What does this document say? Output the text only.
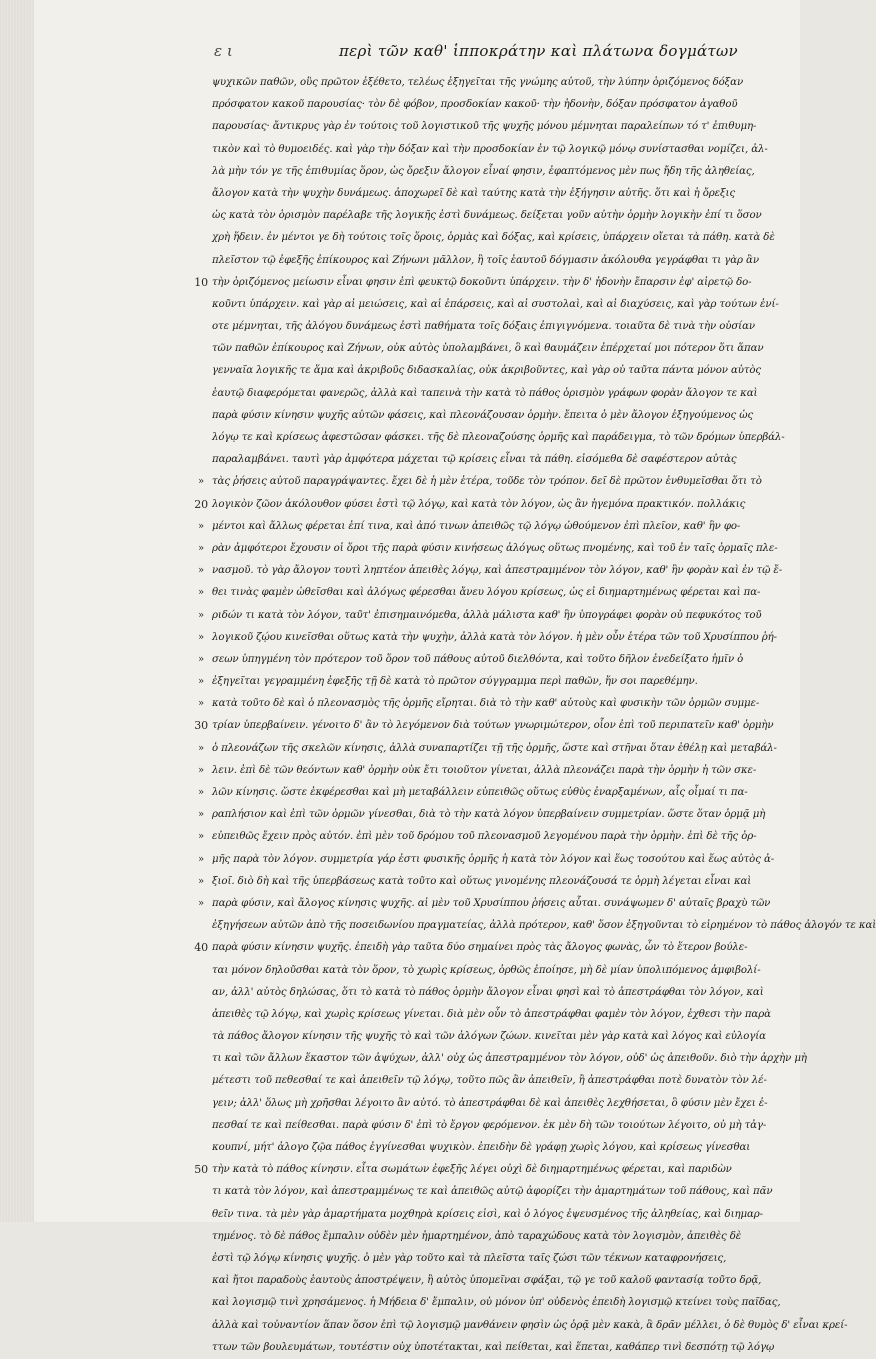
ε ι	περὶ τῶν καθ' ἱπποκράτην καὶ πλάτωνα δογμάτων
ψυχικῶν παθῶν, οὓς πρῶτον ἐξέθετο, τελέως ἐξηγεῖται τῆς γνώμης αὐτοῦ, τὴν λύπην ὁριζόμενος δόξαν
πρόσφατον κακοῦ παρουσίας· τὸν δὲ φόβον, προσδοκίαν κακοῦ· τὴν ἡδονὴν, δόξαν πρόσφατον ἀγαθοῦ
παρουσίας· ἄντικρυς γὰρ ἐν τούτοις τοῦ λογιστικοῦ τῆς ψυχῆς μόνου μέμνηται παραλείπων τό τ' ἐπιθυμη-
τικὸν καὶ τὸ θυμοειδές. καὶ γὰρ τὴν δόξαν καὶ τὴν προσδοκίαν ἐν τῷ λογικῷ μόνῳ συνίστασθαι νομίζει, ἀλ-
λὰ μὴν τόν γε τῆς ἐπιθυμίας ὅρον, ὡς ὄρεξιν ἄλογον εἶναί φησιν, ἐφαπτόμενος μὲν πως ἤδη τῆς ἀληθείας,
ἄλογον κατὰ τὴν ψυχὴν δυνάμεως. ἀποχωρεῖ δὲ καὶ ταύτης κατὰ τὴν ἐξήγησιν αὐτῆς. ὅτι καὶ ἡ ὄρεξις
ὡς κατὰ τὸν ὁρισμὸν παρέλαβε τῆς λογικῆς ἐστὶ δυνάμεως. δείξεται γοῦν αὐτὴν ὁρμὴν λογικὴν ἐπί τι ὅσον
χρὴ ἥδειν. ἐν μέντοι γε δὴ τούτοις τοῖς ὅροις, ὁρμὰς καὶ δόξας, καὶ κρίσεις, ὑπάρχειν οἴεται τὰ πάθη. κατὰ δὲ
πλεῖστον τῷ ἐφεξῆς ἐπίκουρος καὶ Ζήνωνι μᾶλλον, ἢ τοῖς ἑαυτοῦ δόγμασιν ἀκόλουθα γεγράφθαι τι γὰρ ἂν
10 τὴν ὁριζόμενος μείωσιν εἶναι φησιν ἐπὶ φευκτῷ δοκοῦντι ὑπάρχειν. τὴν δ' ἡδονὴν ἔπαρσιν ἐφ' αἱρετῷ δο-
κοῦντι ὑπάρχειν. καὶ γὰρ αἱ μειώσεις, καὶ αἱ ἐπάρσεις, καὶ αἱ συστολαὶ, καὶ αἱ διαχύσεις, καὶ γὰρ τούτων ἐνί-
οτε μέμνηται, τῆς ἀλόγου δυνάμεως ἐστὶ παθήματα τοῖς δόξαις ἐπιγιγνόμενα. τοιαῦτα δὲ τινὰ τὴν οὐσίαν
τῶν παθῶν ἐπίκουρος καὶ Ζήνων, οὐκ αὐτὸς ὑπολαμβάνει, ὃ καὶ θαυμάζειν ἐπέρχεταί μοι πότερον ὅτι ἅπαν
γενναῖα λογικῆς τε ἅμα καὶ ἀκριβοῦς διδασκαλίας, οὐκ ἀκριβοῦντες, καὶ γὰρ οὐ ταῦτα πάντα μόνον αὐτὸς
ἑαυτῷ διαφερόμεται φανερῶς, ἀλλὰ καὶ ταπεινὰ τὴν κατὰ τὸ πάθος ὁρισμὸν γράφων φορὰν ἄλογον τε καὶ
παρὰ φύσιν κίνησιν ψυχῆς αὐτῶν φάσεις, καὶ πλεονάζουσαν ὁρμὴν. ἔπειτα ὁ μὲν ἄλογον ἐξηγούμενος ὡς
λόγῳ τε καὶ κρίσεως ἀφεστῶσαν φάσκει. τῆς δὲ πλεοναζούσης ὁρμῆς καὶ παράδειγμα, τὸ τῶν δρόμων ὑπερβάλ-
παραλαμβάνει. ταυτὶ γὰρ ἀμφότερα μάχεται τῷ κρίσεις εἶναι τὰ πάθη. εἰσόμεθα δὲ σαφέστερον αὐτὰς
» τὰς ῥήσεις αὐτοῦ παραγράψαντες. ἔχει δὲ ἡ μὲν ἑτέρα, τοῦδε τὸν τρόπον. δεῖ δὲ πρῶτον ἐνθυμεῖσθαι ὅτι τὸ
20 λογικὸν ζῶον ἀκόλουθον φύσει ἐστὶ τῷ λόγῳ, καὶ κατὰ τὸν λόγον, ὡς ἂν ἡγεμόνα πρακτικόν. πολλάκις
» μέντοι καὶ ἄλλως φέρεται ἐπί τινα, καὶ ἀπό τινων ἀπειθῶς τῷ λόγῳ ὠθούμενον ἐπὶ πλεῖον, καθ' ἣν φο-
» ρὰν ἀμφότεροι ἔχουσιν οἱ ὅροι τῆς παρὰ φύσιν κινήσεως ἀλόγως οὕτως πνομένης, καὶ τοῦ ἐν ταῖς ὁρμαῖς πλε-
» νασμοῦ. τὸ γὰρ ἄλογον τουτὶ ληπτέον ἀπειθὲς λόγῳ, καὶ ἀπεστραμμένον τὸν λόγον, καθ' ἣν φορὰν καὶ ἐν τῷ ἔ-
» θει τινὰς φαμὲν ὠθεῖσθαι καὶ ἀλόγως φέρεσθαι ἄνευ λόγου κρίσεως, ὡς εἰ διημαρτημένως φέρεται καὶ πα-
» ριδών τι κατὰ τὸν λόγον, ταῦτ' ἐπισημαινόμεθα, ἀλλὰ μάλιστα καθ' ἣν ὑπογράφει φορὰν οὐ πεφυκότος τοῦ
» λογικοῦ ζῴου κινεῖσθαι οὕτως κατὰ τὴν ψυχὴν, ἀλλὰ κατὰ τὸν λόγον. ἡ μὲν οὖν ἑτέρα τῶν τοῦ Χρυσίππου ῥή-
» σεων ὑπηγμένη τὸν πρότερον τοῦ ὅρον τοῦ πάθους αὐτοῦ διελθόντα, καὶ τοῦτο δῆλον ἐνεδείξατο ἡμῖν ὁ
» ἐξηγεῖται γεγραμμένη ἐφεξῆς τῇ δὲ κατὰ τὸ πρῶτον σύγγραμμα περὶ παθῶν, ἥν σοι παρεθέμην.
» κατὰ τοῦτο δὲ καὶ ὁ πλεονασμὸς τῆς ὁρμῆς εἴρηται. διὰ τὸ τὴν καθ' αὐτοὺς καὶ φυσικὴν τῶν ὁρμῶν συμμε-
30 τρίαν ὑπερβαίνειν. γένοιτο δ' ἂν τὸ λεγόμενον διὰ τούτων γνωριμώτερον, οἷον ἐπὶ τοῦ περιπατεῖν καθ' ὁρμὴν
» ὁ πλεονάζων τῆς σκελῶν κίνησις, ἀλλὰ συναπαρτίζει τῇ τῆς ὁρμῆς, ὥστε καὶ στῆναι ὅταν ἐθέλῃ καὶ μεταβάλ-
» λειν. ἐπὶ δὲ τῶν θεόντων καθ' ὁρμὴν οὐκ ἔτι τοιοῦτον γίνεται, ἀλλὰ πλεονάζει παρὰ τὴν ὁρμὴν ἡ τῶν σκε-
» λῶν κίνησις. ὥστε ἐκφέρεσθαι καὶ μὴ μεταβάλλειν εὐπειθῶς οὕτως εὐθὺς ἐναρξαμένων, αἷς οἶμαί τι πα-
» ραπλήσιον καὶ ἐπὶ τῶν ὁρμῶν γίνεσθαι, διὰ τὸ τὴν κατὰ λόγον ὑπερβαίνειν συμμετρίαν. ὥστε ὅταν ὁρμᾷ μὴ
» εὐπειθῶς ἔχειν πρὸς αὐτόν. ἐπὶ μὲν τοῦ δρόμου τοῦ πλεονασμοῦ λεγομένου παρὰ τὴν ὁρμὴν. ἐπὶ δὲ τῆς ὁρ-
» μῆς παρὰ τὸν λόγον. συμμετρία γάρ ἐστι φυσικῆς ὁρμῆς ἡ κατὰ τὸν λόγον καὶ ἕως τοσούτου καὶ ἕως αὐτὸς ἀ-
» ξιοῖ. διὸ δὴ καὶ τῆς ὑπερβάσεως κατὰ τοῦτο καὶ οὕτως γινομένης πλεονάζουσά τε ὁρμὴ λέγεται εἶναι καὶ
» παρὰ φύσιν, καὶ ἄλογος κίνησις ψυχῆς. αἱ μὲν τοῦ Χρυσίππου ῥήσεις αὗται. συνάψωμεν δ' αὐταῖς βραχὺ τῶν
ἐξηγήσεων αὐτῶν ἀπὸ τῆς ποσειδωνίου πραγματείας, ἀλλὰ πρότερον, καθ' ὅσον ἐξηγοῦνται τὸ εἰρημένον τὸ πάθος ἀλογόν τε καὶ
40 παρὰ φύσιν κίνησιν ψυχῆς. ἐπειδὴ γὰρ ταῦτα δύο σημαίνει πρὸς τὰς ἄλογος φωνὰς, ὧν τὸ ἕτερον βούλε-
ται μόνον δηλοῦσθαι κατὰ τὸν ὅρον, τὸ χωρὶς κρίσεως, ὀρθῶς ἐποίησε, μὴ δὲ μίαν ὑπολιπόμενος ἀμφιβολί-
αν, ἀλλ' αὐτὸς δηλώσας, ὅτι τὸ κατὰ τὸ πάθος ὁρμὴν ἄλογον εἶναι φησὶ καὶ τὸ ἀπεστράφθαι τὸν λόγον, καὶ
ἀπειθὲς τῷ λόγῳ, καὶ χωρὶς κρίσεως γίνεται. διὰ μὲν οὖν τὸ ἀπεστράφθαι φαμὲν τὸν λόγον, ἐχθεσι τὴν παρὰ
τὰ πάθος ἄλογον κίνησιν τῆς ψυχῆς τὸ καὶ τῶν ἀλόγων ζώων. κινεῖται μὲν γὰρ κατὰ καὶ λόγος καὶ εὐλογία
τι καὶ τῶν ἄλλων ἕκαστον τῶν ἀψύχων, ἀλλ' οὐχ ὡς ἀπεστραμμένον τὸν λόγον, οὐδ' ὡς ἀπειθοῦν. διὸ τὴν ἀρχὴν μὴ
μέτεστι τοῦ πεθεσθαί τε καὶ ἀπειθεῖν τῷ λόγῳ, τοῦτο πῶς ἂν ἀπειθεῖν, ἢ ἀπεστράφθαι ποτὲ δυνατὸν τὸν λέ-
γειν; ἀλλ' ὅλως μὴ χρῆσθαι λέγοιτο ἂν αὐτό. τὸ ἀπεστράφθαι δὲ καὶ ἀπειθὲς λεχθήσεται, ὃ φύσιν μὲν ἔχει ἐ-
πεσθαί τε καὶ πείθεσθαι. παρὰ φύσιν δ' ἐπὶ τὸ ἔργον φερόμενον. ἐκ μὲν δὴ τῶν τοιούτων λέγοιτο, οὐ μὴ τἀγ-
κουπνί, μήτ' ἀλογο ζῷα πάθος ἐγγίνεσθαι ψυχικὸν. ἐπειδὴν δὲ γράφῃ χωρὶς λόγου, καὶ κρίσεως γίνεσθαι
50 τὴν κατὰ τὸ πάθος κίνησιν. εἶτα σωμάτων ἐφεξῆς λέγει οὐχὶ δὲ διημαρτημένως φέρεται, καὶ παριδὼν
τι κατὰ τὸν λόγον, καὶ ἀπεστραμμένως τε καὶ ἀπειθῶς αὐτῷ ἀφορίζει τὴν ἁμαρτημάτων τοῦ πάθους, καὶ πᾶν
θεῖν τινα. τὰ μὲν γὰρ ἁμαρτήματα μοχθηρὰ κρίσεις εἰσὶ, καὶ ὁ λόγος ἐψευσμένος τῆς ἀληθείας, καὶ διημαρ-
τημένος. τὸ δὲ πάθος ἔμπαλιν οὐδὲν μὲν ἡμαρτημένον, ἀπὸ ταραχώδους κατὰ τὸν λογισμὸν, ἀπειθὲς δὲ
ἐστὶ τῷ λόγῳ κίνησις ψυχῆς. ὁ μὲν γὰρ τοῦτο καὶ τὰ πλεῖστα ταῖς ζώσι τῶν τέκνων καταφρονήσεις,
καὶ ἤτοι παραδοὺς ἑαυτοὺς ἀποστρέψειν, ἢ αὐτὸς ὑπομεῖναι σφάξαι, τῷ γε τοῦ καλοῦ φαντασίᾳ τοῦτο δρᾷ,
καὶ λογισμῷ τινὶ χρησάμενος. ἡ Μήδεια δ' ἔμπαλιν, οὐ μόνον ὑπ' οὐδενὸς ἐπειδὴ λογισμῷ κτείνει τοὺς παῖδας,
ἀλλὰ καὶ τοὐναντίον ἅπαν ὅσον ἐπὶ τῷ λογισμῷ μανθάνειν φησὶν ὡς ὁρᾷ μὲν κακὰ, ἃ δρᾶν μέλλει, ὁ δὲ θυμὸς δ' εἶναι κρεί-
ττων τῶν βουλευμάτων, τουτέστιν οὐχ ὑποτέτακται, καὶ πείθεται, καὶ ἕπεται, καθάπερ τινὶ δεσπότῃ τῷ λόγῳ
